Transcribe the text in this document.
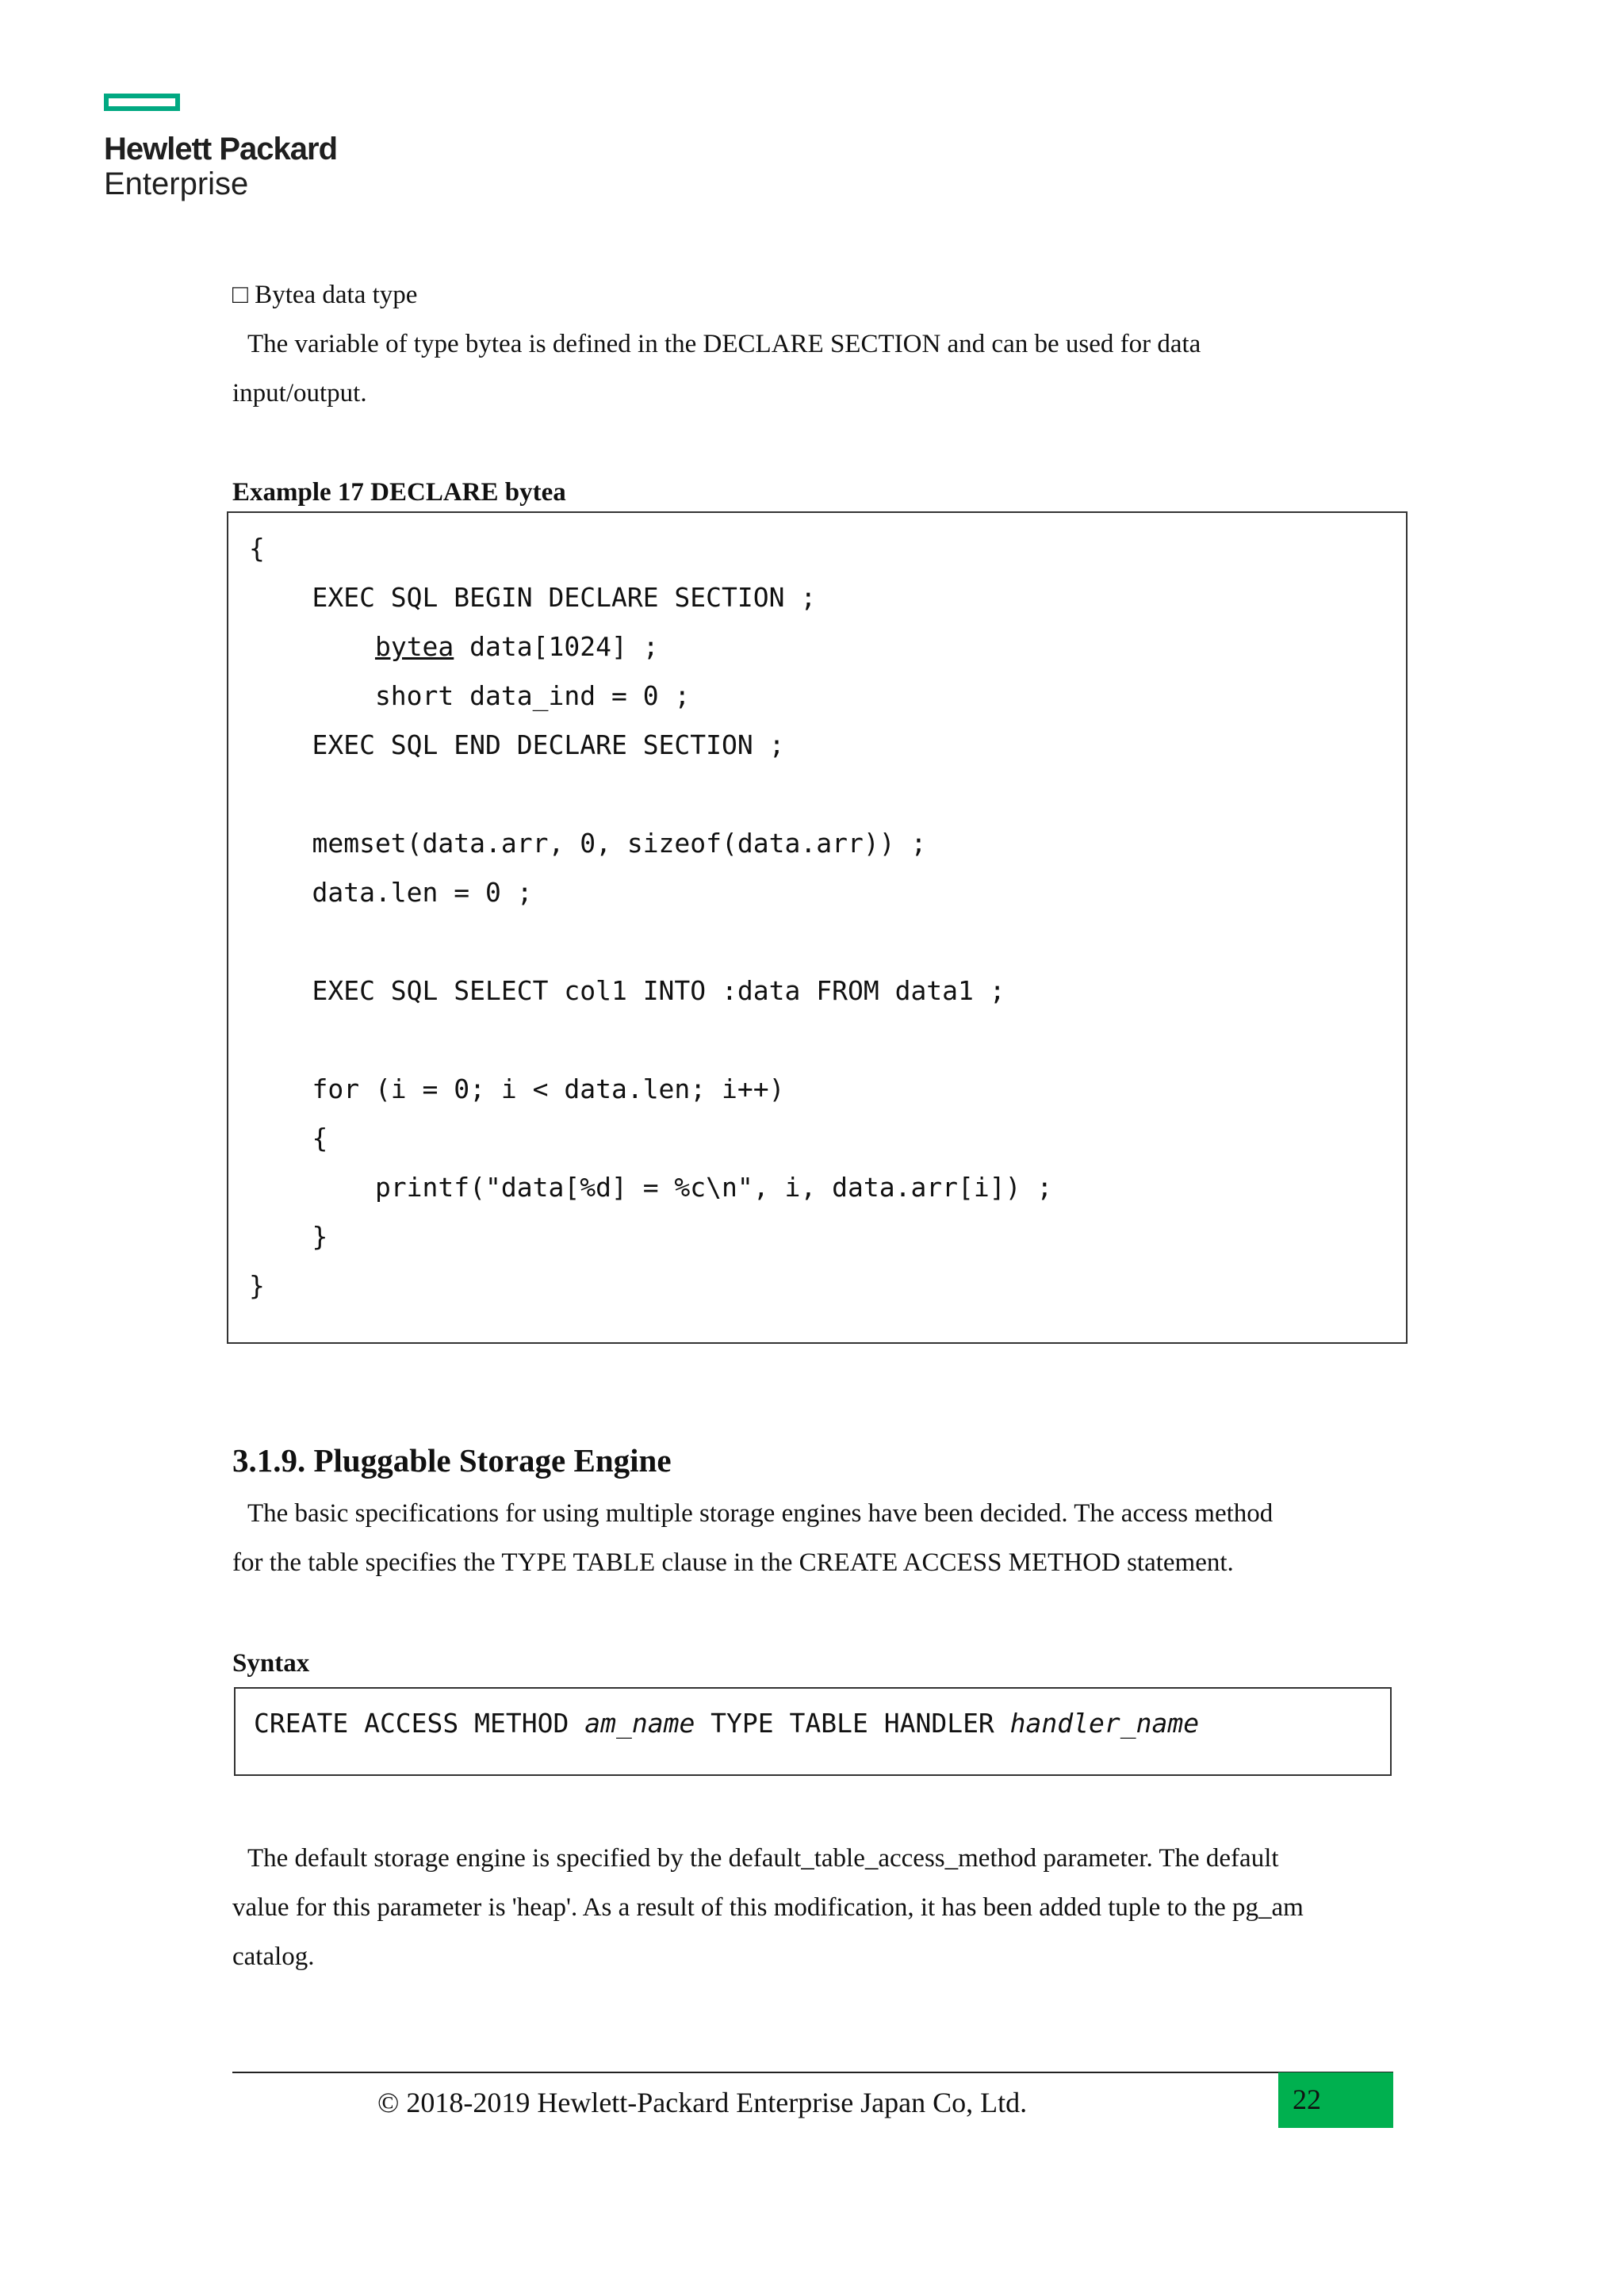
Hewlett Packard
Enterprise
□ Bytea data type
The variable of type bytea is defined in the DECLARE SECTION and can be used for data
input/output.
Example 17 DECLARE bytea
{
EXEC SQL BEGIN DECLARE SECTION ;
bytea data[1024] ;
short data_ind = 0 ;
EXEC SQL END DECLARE SECTION ;
memset(data.arr, 0, sizeof(data.arr)) ;
data.len = 0 ;
EXEC SQL SELECT col1 INTO :data FROM data1 ;
for (i = 0; i < data.len; i++)
{
printf("data[%d] = %c\n", i, data.arr[i]) ;
}
}
3.1.9. Pluggable Storage Engine
The basic specifications for using multiple storage engines have been decided. The access method
for the table specifies the TYPE TABLE clause in the CREATE ACCESS METHOD statement.
Syntax
CREATE ACCESS METHOD am_name TYPE TABLE HANDLER handler_name
The default storage engine is specified by the default_table_access_method parameter. The default
value for this parameter is 'heap'. As a result of this modification, it has been added tuple to the pg_am
catalog.
© 2018-2019 Hewlett-Packard Enterprise Japan Co, Ltd.	22
